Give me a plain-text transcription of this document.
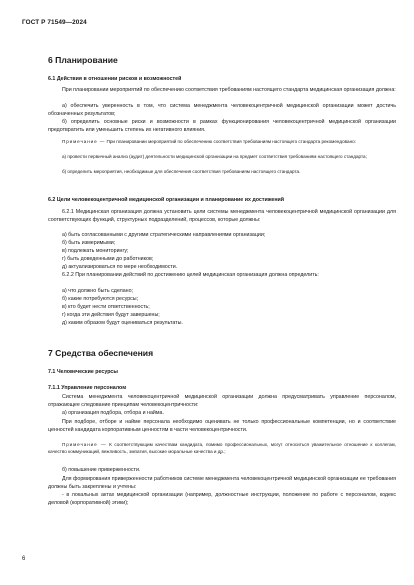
ГОСТ Р 71549—2024
6 Планирование
6.1 Действия в отношении рисков и возможностей
При планировании мероприятий по обеспечению соответствия требованиям настоящего стандарта медицинская организация должна:
а) обеспечить уверенность в том, что система менеджмента человекоцентричной медицинской организации может достичь обозначенных результатов;
б) определить основные риски и возможности в рамках функционирования человекоцентричной медицинской организации предотвратить или уменьшить степень их негативного влияния.
Примечание — При планировании мероприятий по обеспечению соответствия требованиям настоящего стандарта рекомендовано:
а) провести первичный анализ (аудит) деятельности медицинской организации на предмет соответствия требованиям настоящего стандарта;
б) определить мероприятия, необходимые для обеспечения соответствия требованиям настоящего стандарта.
6.2 Цели человекоцентричной медицинской организации и планирование их достижений
6.2.1 Медицинская организация должна установить цели системы менеджмента человекоцентричной медицинской организации для соответствующих функций, структурных подразделений, процессов, которые должны:
а) быть согласованными с другими стратегическими направлениями организации;
б) быть измеримыми;
в) подлежать мониторингу;
г) быть доведенными до работников;
д) актуализироваться по мере необходимости.
6.2.2 При планировании действий по достижению целей медицинская организация должна определить:
а) что должно быть сделано;
б) какие потребуются ресурсы;
в) кто будет нести ответственность;
г) когда эти действия будут завершены;
д) каким образом будут оцениваться результаты.
7 Средства обеспечения
7.1 Человеческие ресурсы
7.1.1 Управление персоналом
Система менеджмента человекоцентричной медицинской организации должна предусматривать управление персоналом, отражающее следование принципам человекоцентричности:
а) организация подбора, отбора и найма.
При подборе, отборе и найме персонала необходимо оценивать не только профессиональные компетенции, но и соответствие ценностей кандидата корпоративным ценностям в части человекоцентричности.
Примечание — К соответствующим качествам кандидата, помимо профессиональных, могут относиться уважительное отношение к коллегам, качество коммуникаций, вежливость, эмпатия, высокие моральные качества и др.;
б) повышение приверженности.
Для формирования приверженности работников системе менеджмента человекоцентричной медицинской организации ее требования должны быть закреплены и учтены:
- в локальных актах медицинской организации (например, должностные инструкции, положение по работе с персоналом, кодекс деловой (корпоративной) этики);
6
